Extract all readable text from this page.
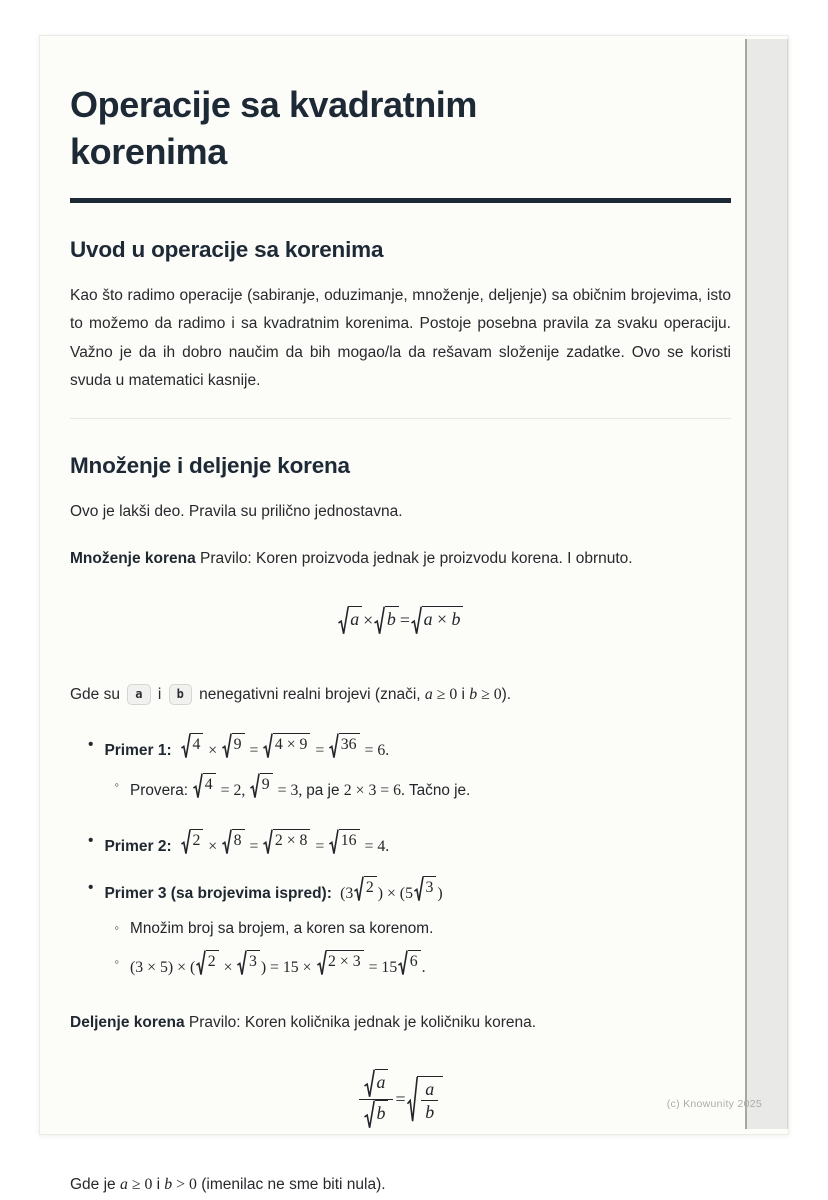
Operacije sa kvadratnim korenima
Uvod u operacije sa korenima

Kao što radimo operacije (sabiranje, oduzimanje, množenje, deljenje) sa običnim brojevima, isto to možemo da radimo i sa kvadratnim korenima. Postoje posebna pravila za svaku operaciju. Važno je da ih dobro naučim da bih mogao/la da rešavam složenije zadatke. Ovo se koristi svuda u matematici kasnije.

Množenje i deljenje korena

Ovo je lakši deo. Pravila su prilično jednostavna.

Množenje korena Pravilo: Koren proizvoda jednak je proizvodu korena. I obrnuto.

a × b = a × b

Gde su a i b nenegativni realni brojevi (znači, a ≥ 0 i b ≥ 0).

• Primer 1: 4 × 9 = 4 × 9 = 36 = 6.
◦ Provera: 4 = 2, 9 = 3, pa je 2 × 3 = 6. Tačno je.
• Primer 2: 2 × 8 = 2 × 8 = 16 = 4.
• Primer 3 (sa brojevima ispred): (3 2 ) × (5 3 )
◦ Množim broj sa brojem, a koren sa korenom.
◦ (3 × 5) × ( 2 × 3 ) = 15 × 2 × 3 = 15 6 .

Deljenje korena Pravilo: Koren količnika jednak je količniku korena.

$\frac{a}{b} = \frac{a}{b}$

Gde je a ≥ 0 i b > 0 (imenilac ne sme biti nula).

(c) Knowunity 2025
